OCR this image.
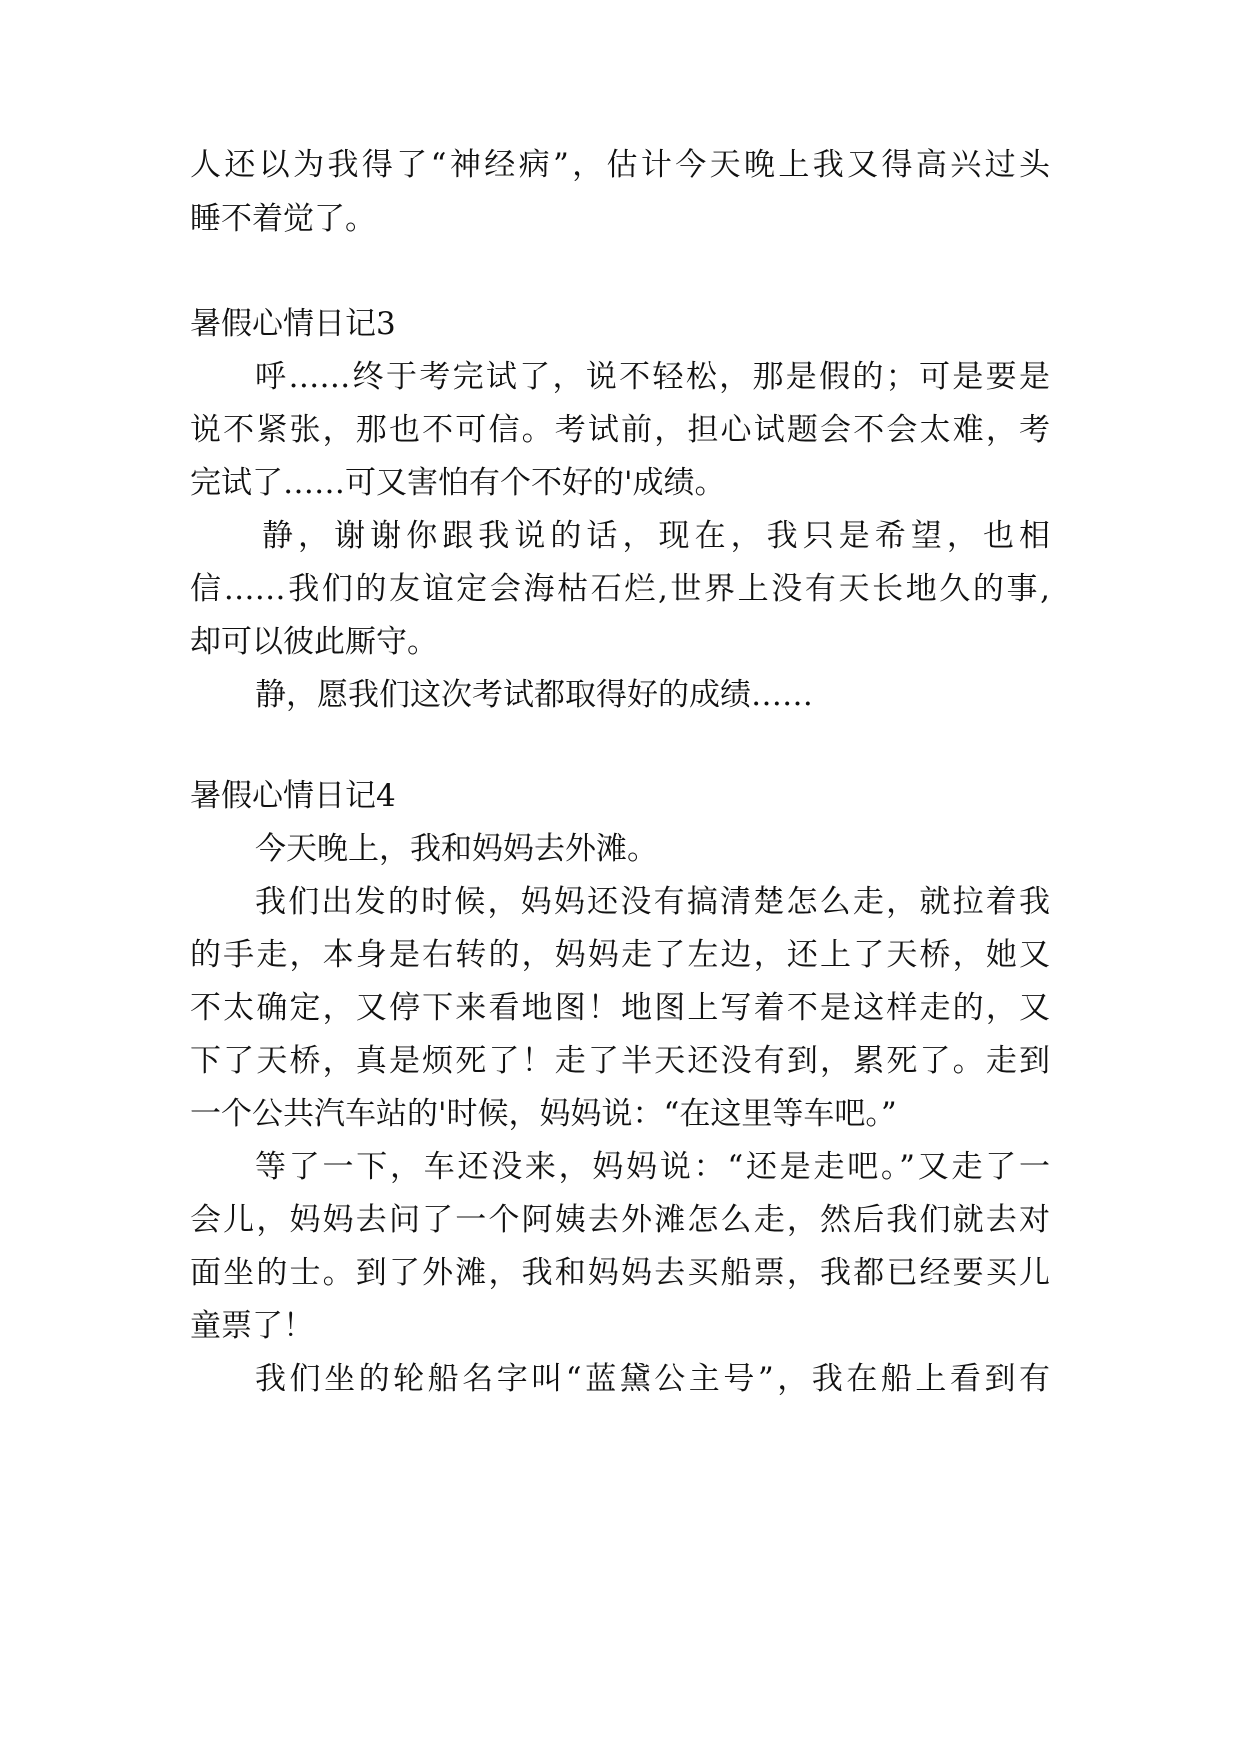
人还以为我得了“神经病”，估计今天晚上我又得高兴过头
睡不着觉了。
暑假心情日记3
呼……终于考完试了，说不轻松，那是假的；可是要是
说不紧张，那也不可信。考试前，担心试题会不会太难，考
完试了……可又害怕有个不好的'成绩。
静，谢谢你跟我说的话，现在，我只是希望，也相
信……我们的友谊定会海枯石烂,世界上没有天长地久的事,
却可以彼此厮守。
静，愿我们这次考试都取得好的成绩……
暑假心情日记4
今天晚上，我和妈妈去外滩。
我们出发的时候，妈妈还没有搞清楚怎么走，就拉着我
的手走，本身是右转的，妈妈走了左边，还上了天桥，她又
不太确定，又停下来看地图！地图上写着不是这样走的，又
下了天桥，真是烦死了！走了半天还没有到，累死了。走到
一个公共汽车站的'时候，妈妈说：“在这里等车吧。”
等了一下，车还没来，妈妈说：“还是走吧。”又走了一
会儿，妈妈去问了一个阿姨去外滩怎么走，然后我们就去对
面坐的士。到了外滩，我和妈妈去买船票，我都已经要买儿
童票了！
我们坐的轮船名字叫“蓝黛公主号”，我在船上看到有
